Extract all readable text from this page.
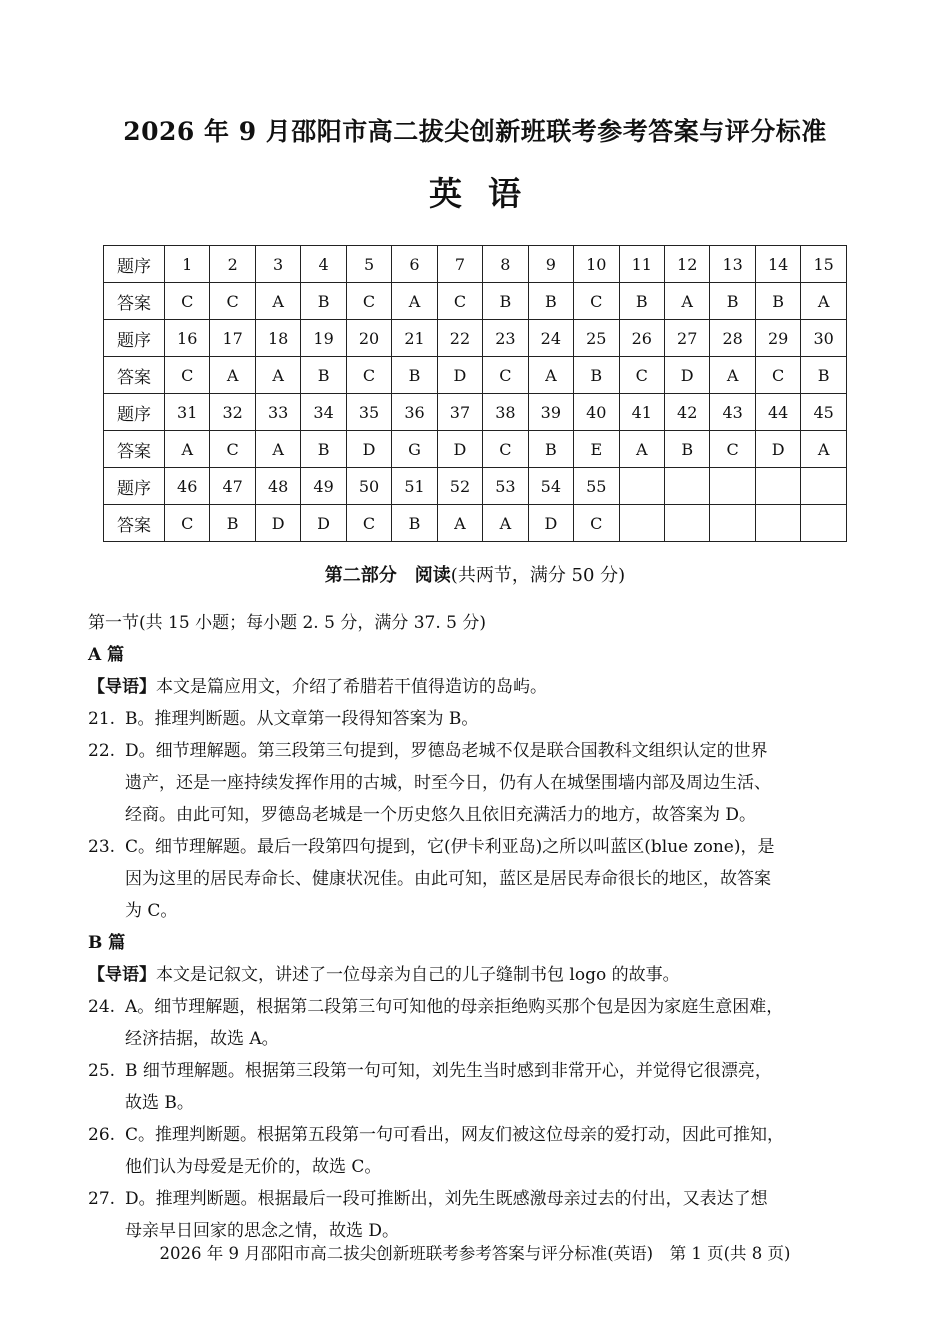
2026 年 9 月邵阳市高二拔尖创新班联考参考答案与评分标准
英语
题序	1	2	3	4	5	6	7	8	9	10	11	12	13	14	15
答案	C	C	A	B	C	A	C	B	B	C	B	A	B	B	A
题序	16	17	18	19	20	21	22	23	24	25	26	27	28	29	30
答案	C	A	A	B	C	B	D	C	A	B	C	D	A	C	B
题序	31	32	33	34	35	36	37	38	39	40	41	42	43	44	45
答案	A	C	A	B	D	G	D	C	B	E	A	B	C	D	A
题序	46	47	48	49	50	51	52	53	54	55					
答案	C	B	D	D	C	B	A	A	D	C					
第二部分　阅读(共两节，满分 50 分)
第一节(共 15 小题；每小题 2. 5 分，满分 37. 5 分)
A 篇
【导语】本文是篇应用文，介绍了希腊若干值得造访的岛屿。
21. B。推理判断题。从文章第一段得知答案为 B。
22. D。细节理解题。第三段第三句提到，罗德岛老城不仅是联合国教科文组织认定的世界
遗产，还是一座持续发挥作用的古城，时至今日，仍有人在城堡围墙内部及周边生活、
经商。由此可知，罗德岛老城是一个历史悠久且依旧充满活力的地方，故答案为 D。
23. C。细节理解题。最后一段第四句提到，它(伊卡利亚岛)之所以叫蓝区(blue zone)，是
因为这里的居民寿命长、健康状况佳。由此可知，蓝区是居民寿命很长的地区，故答案
为 C。
B 篇
【导语】本文是记叙文，讲述了一位母亲为自己的儿子缝制书包 logo 的故事。
24. A。细节理解题，根据第二段第三句可知他的母亲拒绝购买那个包是因为家庭生意困难，
经济拮据，故选 A。
25. B 细节理解题。根据第三段第一句可知，刘先生当时感到非常开心，并觉得它很漂亮，
故选 B。
26. C。推理判断题。根据第五段第一句可看出，网友们被这位母亲的爱打动，因此可推知，
他们认为母爱是无价的，故选 C。
27. D。推理判断题。根据最后一段可推断出，刘先生既感激母亲过去的付出，又表达了想
母亲早日回家的思念之情，故选 D。
2026 年 9 月邵阳市高二拔尖创新班联考参考答案与评分标准(英语)　第 1 页(共 8 页)
